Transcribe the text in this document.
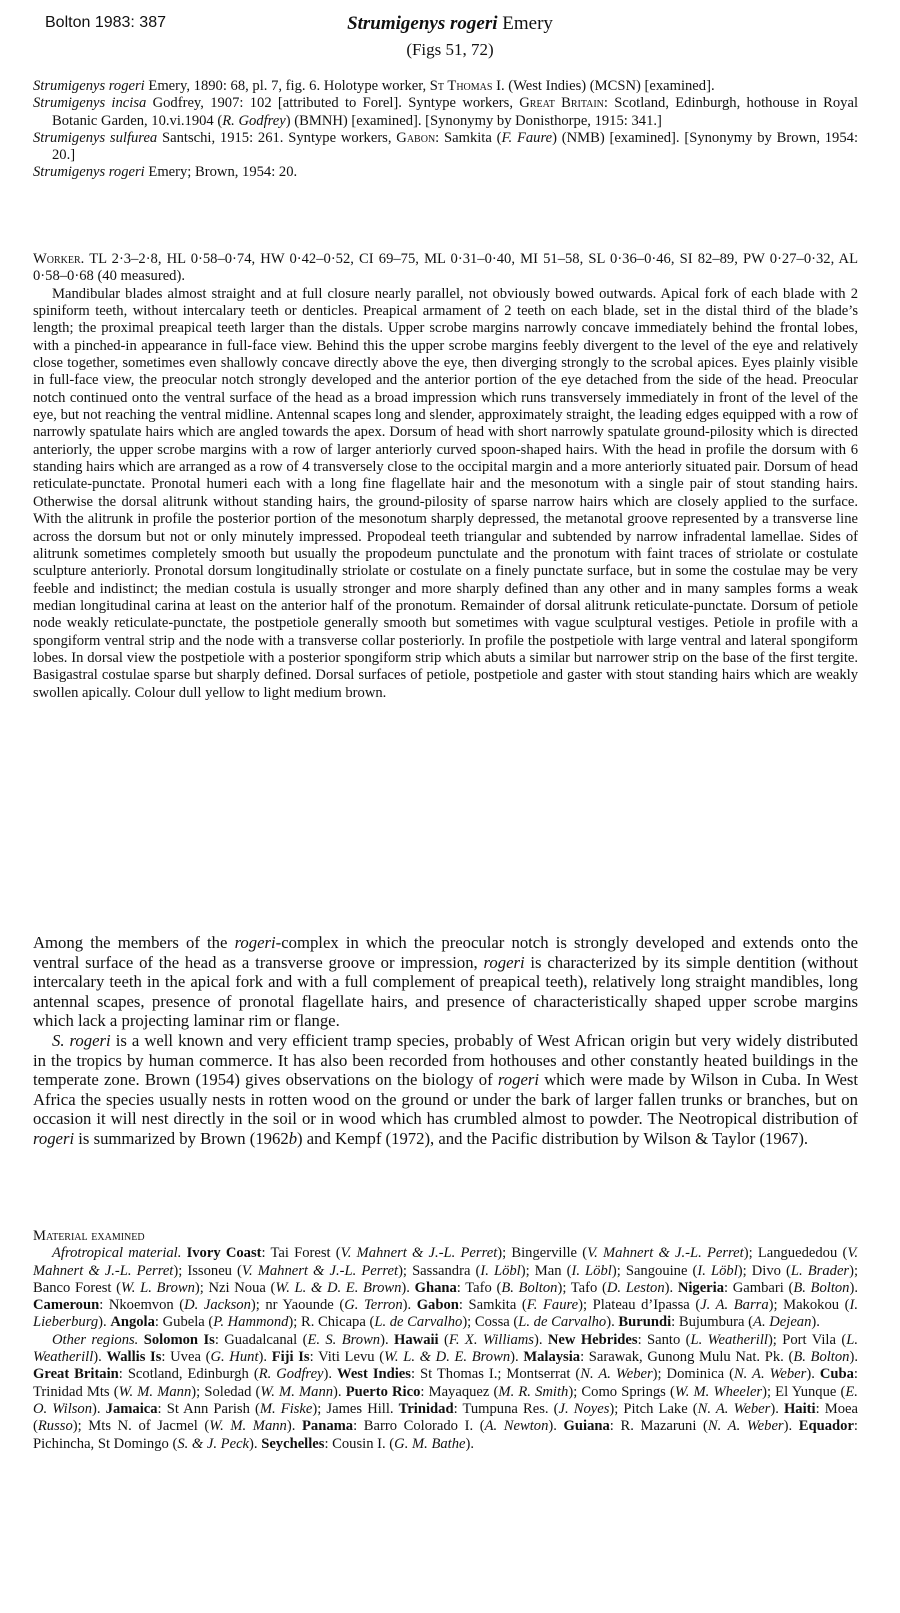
Bolton 1983: 387	Strumigenys rogeri Emery
(Figs 51, 72)

Strumigenys rogeri Emery, 1890: 68, pl. 7, fig. 6. Holotype worker, St Thomas I. (West Indies) (MCSN) [examined].

Strumigenys incisa Godfrey, 1907: 102 [attributed to Forel]. Syntype workers, Great Britain: Scotland, Edinburgh, hothouse in Royal Botanic Garden, 10.vi.1904 (R. Godfrey) (BMNH) [examined]. [Synonymy by Donisthorpe, 1915: 341.]

Strumigenys sulfurea Santschi, 1915: 261. Syntype workers, Gabon: Samkita (F. Faure) (NMB) [examined]. [Synonymy by Brown, 1954: 20.]

Strumigenys rogeri Emery; Brown, 1954: 20.

Worker. TL 2·3–2·8, HL 0·58–0·74, HW 0·42–0·52, CI 69–75, ML 0·31–0·40, MI 51–58, SL 0·36–0·46, SI 82–89, PW 0·27–0·32, AL 0·58–0·68 (40 measured).

Mandibular blades almost straight and at full closure nearly parallel, not obviously bowed outwards. Apical fork of each blade with 2 spiniform teeth, without intercalary teeth or denticles. Preapical armament of 2 teeth on each blade, set in the distal third of the blade’s length; the proximal preapical teeth larger than the distals. Upper scrobe margins narrowly concave immediately behind the frontal lobes, with a pinched-in appearance in full-face view. Behind this the upper scrobe margins feebly divergent to the level of the eye and relatively close together, sometimes even shallowly concave directly above the eye, then diverging strongly to the scrobal apices. Eyes plainly visible in full-face view, the preocular notch strongly developed and the anterior portion of the eye detached from the side of the head. Preocular notch continued onto the ventral surface of the head as a broad impression which runs transversely immediately in front of the level of the eye, but not reaching the ventral midline. Antennal scapes long and slender, approximately straight, the leading edges equipped with a row of narrowly spatulate hairs which are angled towards the apex. Dorsum of head with short narrowly spatulate ground-pilosity which is directed anteriorly, the upper scrobe margins with a row of larger anteriorly curved spoon-shaped hairs. With the head in profile the dorsum with 6 standing hairs which are arranged as a row of 4 transversely close to the occipital margin and a more anteriorly situated pair. Dorsum of head reticulate-punctate. Pronotal humeri each with a long fine flagellate hair and the mesonotum with a single pair of stout standing hairs. Otherwise the dorsal alitrunk without standing hairs, the ground-pilosity of sparse narrow hairs which are closely applied to the surface. With the alitrunk in profile the posterior portion of the mesonotum sharply depressed, the metanotal groove represented by a transverse line across the dorsum but not or only minutely impressed. Propodeal teeth triangular and subtended by narrow infradental lamellae. Sides of alitrunk sometimes completely smooth but usually the propodeum punctulate and the pronotum with faint traces of striolate or costulate sculpture anteriorly. Pronotal dorsum longitudinally striolate or costulate on a finely punctate surface, but in some the costulae may be very feeble and indistinct; the median costula is usually stronger and more sharply defined than any other and in many samples forms a weak median longitudinal carina at least on the anterior half of the pronotum. Remainder of dorsal alitrunk reticulate-punctate. Dorsum of petiole node weakly reticulate-punctate, the postpetiole generally smooth but sometimes with vague sculptural vestiges. Petiole in profile with a spongiform ventral strip and the node with a transverse collar posteriorly. In profile the postpetiole with large ventral and lateral spongiform lobes. In dorsal view the postpetiole with a posterior spongiform strip which abuts a similar but narrower strip on the base of the first tergite. Basigastral costulae sparse but sharply defined. Dorsal surfaces of petiole, postpetiole and gaster with stout standing hairs which are weakly swollen apically. Colour dull yellow to light medium brown.

Among the members of the rogeri-complex in which the preocular notch is strongly developed and extends onto the ventral surface of the head as a transverse groove or impression, rogeri is characterized by its simple dentition (without intercalary teeth in the apical fork and with a full complement of preapical teeth), relatively long straight mandibles, long antennal scapes, presence of pronotal flagellate hairs, and presence of characteristically shaped upper scrobe margins which lack a projecting laminar rim or flange.

S. rogeri is a well known and very efficient tramp species, probably of West African origin but very widely distributed in the tropics by human commerce. It has also been recorded from hothouses and other constantly heated buildings in the temperate zone. Brown (1954) gives observations on the biology of rogeri which were made by Wilson in Cuba. In West Africa the species usually nests in rotten wood on the ground or under the bark of larger fallen trunks or branches, but on occasion it will nest directly in the soil or in wood which has crumbled almost to powder. The Neotropical distribution of rogeri is summarized by Brown (1962b) and Kempf (1972), and the Pacific distribution by Wilson & Taylor (1967).

Material examined

Afrotropical material. Ivory Coast: Tai Forest (V. Mahnert & J.-L. Perret); Bingerville (V. Mahnert & J.-L. Perret); Languededou (V. Mahnert & J.-L. Perret); Issoneu (V. Mahnert & J.-L. Perret); Sassandra (I. Löbl); Man (I. Löbl); Sangouine (I. Löbl); Divo (L. Brader); Banco Forest (W. L. Brown); Nzi Noua (W. L. & D. E. Brown). Ghana: Tafo (B. Bolton); Tafo (D. Leston). Nigeria: Gambari (B. Bolton). Cameroun: Nkoemvon (D. Jackson); nr Yaounde (G. Terron). Gabon: Samkita (F. Faure); Plateau d’Ipassa (J. A. Barra); Makokou (I. Lieberburg). Angola: Gubela (P. Hammond); R. Chicapa (L. de Carvalho); Cossa (L. de Carvalho). Burundi: Bujumbura (A. Dejean).

Other regions. Solomon Is: Guadalcanal (E. S. Brown). Hawaii (F. X. Williams). New Hebrides: Santo (L. Weatherill); Port Vila (L. Weatherill). Wallis Is: Uvea (G. Hunt). Fiji Is: Viti Levu (W. L. & D. E. Brown). Malaysia: Sarawak, Gunong Mulu Nat. Pk. (B. Bolton). Great Britain: Scotland, Edinburgh (R. Godfrey). West Indies: St Thomas I.; Montserrat (N. A. Weber); Dominica (N. A. Weber). Cuba: Trinidad Mts (W. M. Mann); Soledad (W. M. Mann). Puerto Rico: Mayaquez (M. R. Smith); Como Springs (W. M. Wheeler); El Yunque (E. O. Wilson). Jamaica: St Ann Parish (M. Fiske); James Hill. Trinidad: Tumpuna Res. (J. Noyes); Pitch Lake (N. A. Weber). Haiti: Moea (Russo); Mts N. of Jacmel (W. M. Mann). Panama: Barro Colorado I. (A. Newton). Guiana: R. Mazaruni (N. A. Weber). Equador: Pichincha, St Domingo (S. & J. Peck). Seychelles: Cousin I. (G. M. Bathe).
